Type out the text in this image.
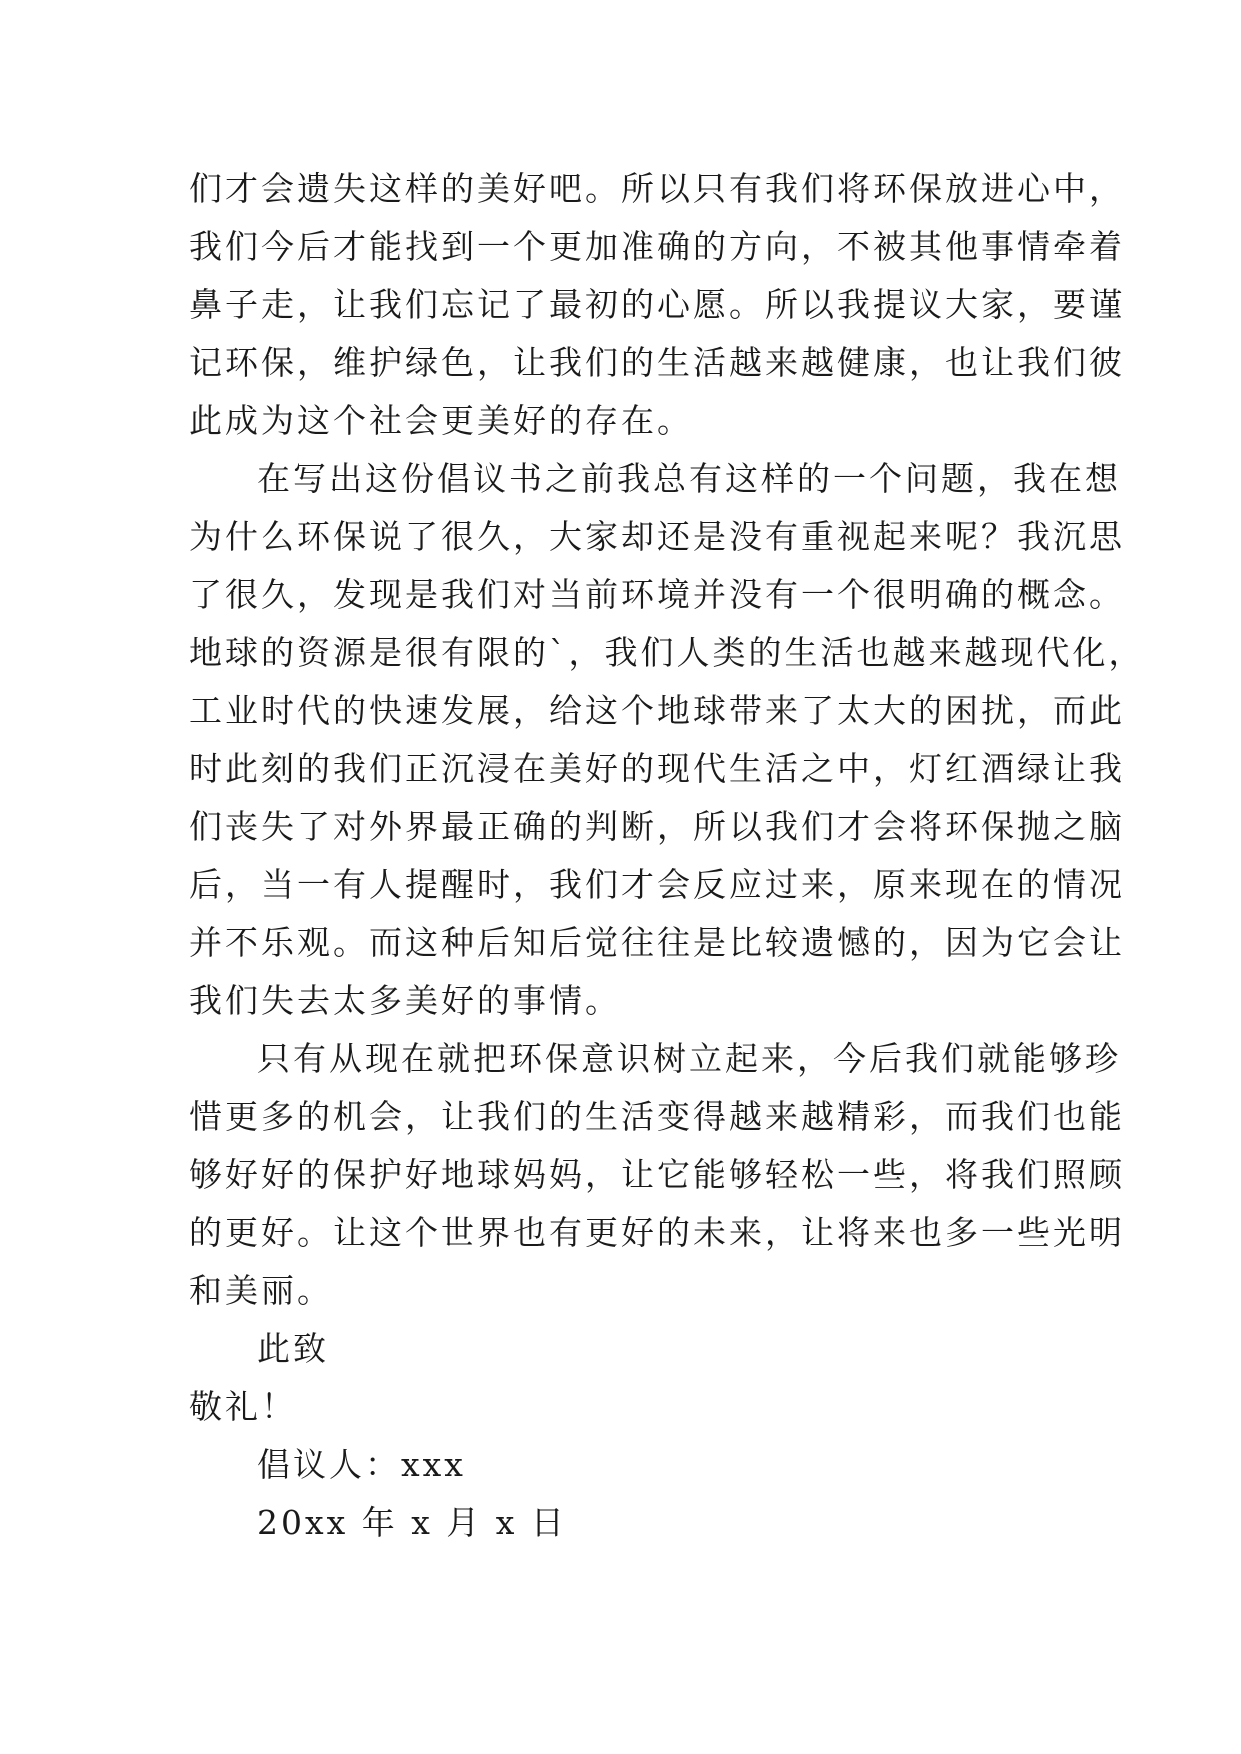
们才会遗失这样的美好吧。所以只有我们将环保放进心中，
我们今后才能找到一个更加准确的方向，不被其他事情牵着
鼻子走，让我们忘记了最初的心愿。所以我提议大家，要谨
记环保，维护绿色，让我们的生活越来越健康，也让我们彼
此成为这个社会更美好的存在。
在写出这份倡议书之前我总有这样的一个问题，我在想
为什么环保说了很久，大家却还是没有重视起来呢？我沉思
了很久，发现是我们对当前环境并没有一个很明确的概念。
地球的资源是很有限的`，我们人类的生活也越来越现代化，
工业时代的快速发展，给这个地球带来了太大的困扰，而此
时此刻的我们正沉浸在美好的现代生活之中，灯红酒绿让我
们丧失了对外界最正确的判断，所以我们才会将环保抛之脑
后，当一有人提醒时，我们才会反应过来，原来现在的情况
并不乐观。而这种后知后觉往往是比较遗憾的，因为它会让
我们失去太多美好的事情。
只有从现在就把环保意识树立起来，今后我们就能够珍
惜更多的机会，让我们的生活变得越来越精彩，而我们也能
够好好的保护好地球妈妈，让它能够轻松一些，将我们照顾
的更好。让这个世界也有更好的未来，让将来也多一些光明
和美丽。
此致
敬礼！
倡议人：xxx
20xx 年 x 月 x 日
